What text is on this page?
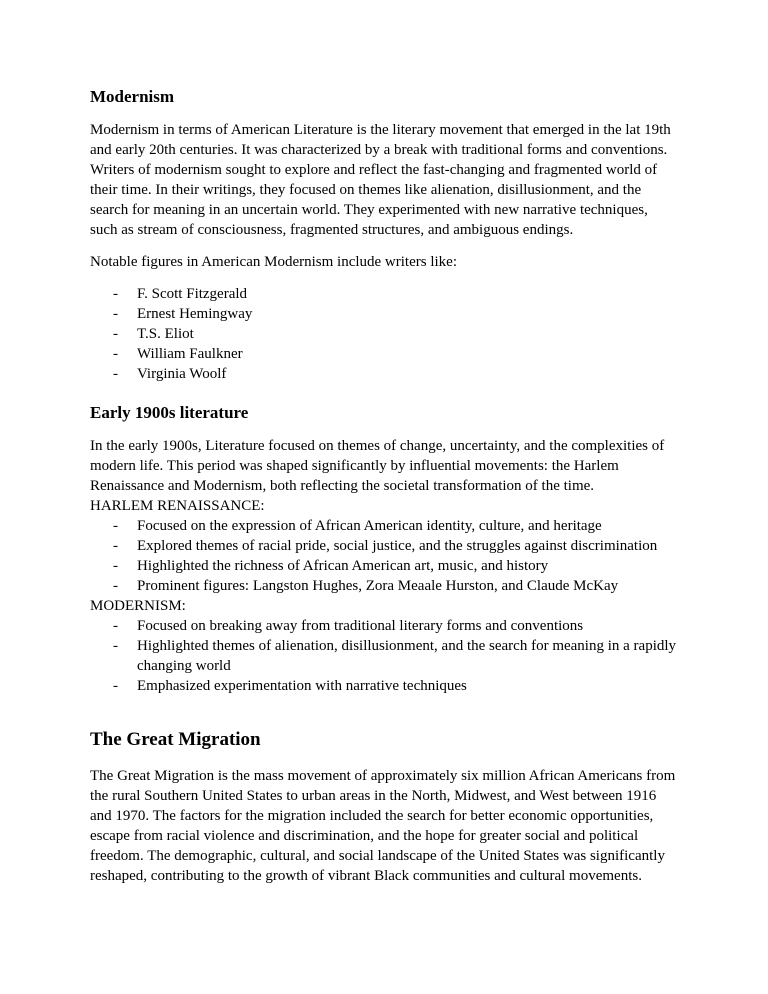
Modernism

Modernism in terms of American Literature is the literary movement that emerged in the lat 19th and early 20th centuries. It was characterized by a break with traditional forms and conventions. Writers of modernism sought to explore and reflect the fast-changing and fragmented world of their time. In their writings, they focused on themes like alienation, disillusionment, and the search for meaning in an uncertain world. They experimented with new narrative techniques, such as stream of consciousness, fragmented structures, and ambiguous endings.

Notable figures in American Modernism include writers like:

-	F. Scott Fitzgerald
-	Ernest Hemingway
-	T.S. Eliot
-	William Faulkner
-	Virginia Woolf
Early 1900s literature

In the early 1900s, Literature focused on themes of change, uncertainty, and the complexities of modern life. This period was shaped significantly by influential movements: the Harlem Renaissance and Modernism, both reflecting the societal transformation of the time.

HARLEM RENAISSANCE:

-	Focused on the expression of African American identity, culture, and heritage
-	Explored themes of racial pride, social justice, and the struggles against discrimination
-	Highlighted the richness of African American art, music, and history
-	Prominent figures: Langston Hughes, Zora Meaale Hurston, and Claude McKay

MODERNISM:

-	Focused on breaking away from traditional literary forms and conventions
-	Highlighted themes of alienation, disillusionment, and the search for meaning in a rapidly changing world
-	Emphasized experimentation with narrative techniques
The Great Migration

The Great Migration is the mass movement of approximately six million African Americans from the rural Southern United States to urban areas in the North, Midwest, and West between 1916 and 1970. The factors for the migration included the search for better economic opportunities, escape from racial violence and discrimination, and the hope for greater social and political freedom. The demographic, cultural, and social landscape of the United States was significantly reshaped, contributing to the growth of vibrant Black communities and cultural movements.
